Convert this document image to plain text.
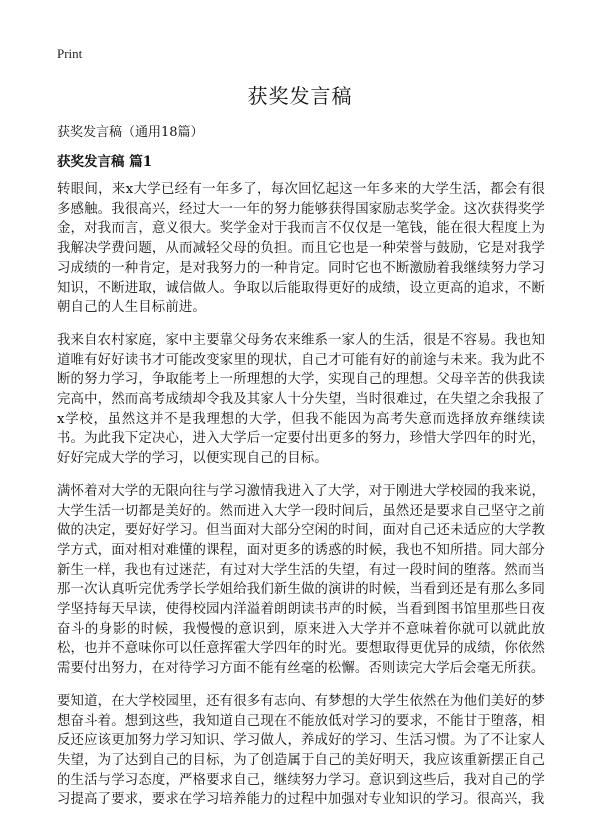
Print
获奖发言稿

获奖发言稿（通用18篇）

获奖发言稿 篇1

转眼间，来x大学已经有一年多了，每次回忆起这一年多来的大学生活，都会有很多感触。我很高兴，经过大一一年的努力能够获得国家励志奖学金。这次获得奖学金，对我而言，意义很大。奖学金对于我而言不仅仅是一笔钱，能在很大程度上为我解决学费问题，从而减轻父母的负担。而且它也是一种荣誉与鼓励，它是对我学习成绩的一种肯定，是对我努力的一种肯定。同时它也不断激励着我继续努力学习知识，不断进取，诚信做人。争取以后能取得更好的成绩，设立更高的追求，不断朝自己的人生目标前进。

我来自农村家庭，家中主要靠父母务农来维系一家人的生活，很是不容易。我也知道唯有好好读书才可能改变家里的现状，自己才可能有好的前途与未来。我为此不断的努力学习，争取能考上一所理想的大学，实现自己的理想。父母辛苦的供我读完高中，然而高考成绩却令我及其家人十分失望，当时很难过，在失望之余我报了x学校，虽然这并不是我理想的大学，但我不能因为高考失意而选择放弃继续读书。为此我下定决心，进入大学后一定要付出更多的努力，珍惜大学四年的时光，好好完成大学的学习，以便实现自己的目标。

满怀着对大学的无限向往与学习激情我进入了大学，对于刚进大学校园的我来说，大学生活一切都是美好的。然而进入大学一段时间后，虽然还是要求自己坚守之前做的决定，要好好学习。但当面对大部分空闲的时间，面对自己还未适应的大学教学方式，面对相对难懂的课程，面对更多的诱惑的时候，我也不知所措。同大部分新生一样，我也有过迷茫，有过对大学生活的失望，有过一段时间的堕落。然而当那一次认真听完优秀学长学姐给我们新生做的演讲的时候，当看到还是有那么多同学坚持每天早读，使得校园内洋溢着朗朗读书声的时候，当看到图书馆里那些日夜奋斗的身影的时候，我慢慢的意识到，原来进入大学并不意味着你就可以就此放松，也并不意味你可以任意挥霍大学四年的时光。要想取得更优异的成绩，你依然需要付出努力，在对待学习方面不能有丝毫的松懈。否则读完大学后会毫无所获。

要知道，在大学校园里，还有很多有志向、有梦想的大学生依然在为他们美好的梦想奋斗着。想到这些，我知道自己现在不能放低对学习的要求，不能甘于堕落，相反还应该更加努力学习知识、学习做人，养成好的学习、生活习惯。为了不让家人失望，为了达到自己的目标，为了创造属于自己的美好明天，我应该重新摆正自己的生活与学习态度，严格要求自己，继续努力学习。意识到这些后，我对自己的学习提高了要求，要求在学习培养能力的过程中加强对专业知识的学习。很高兴，我
